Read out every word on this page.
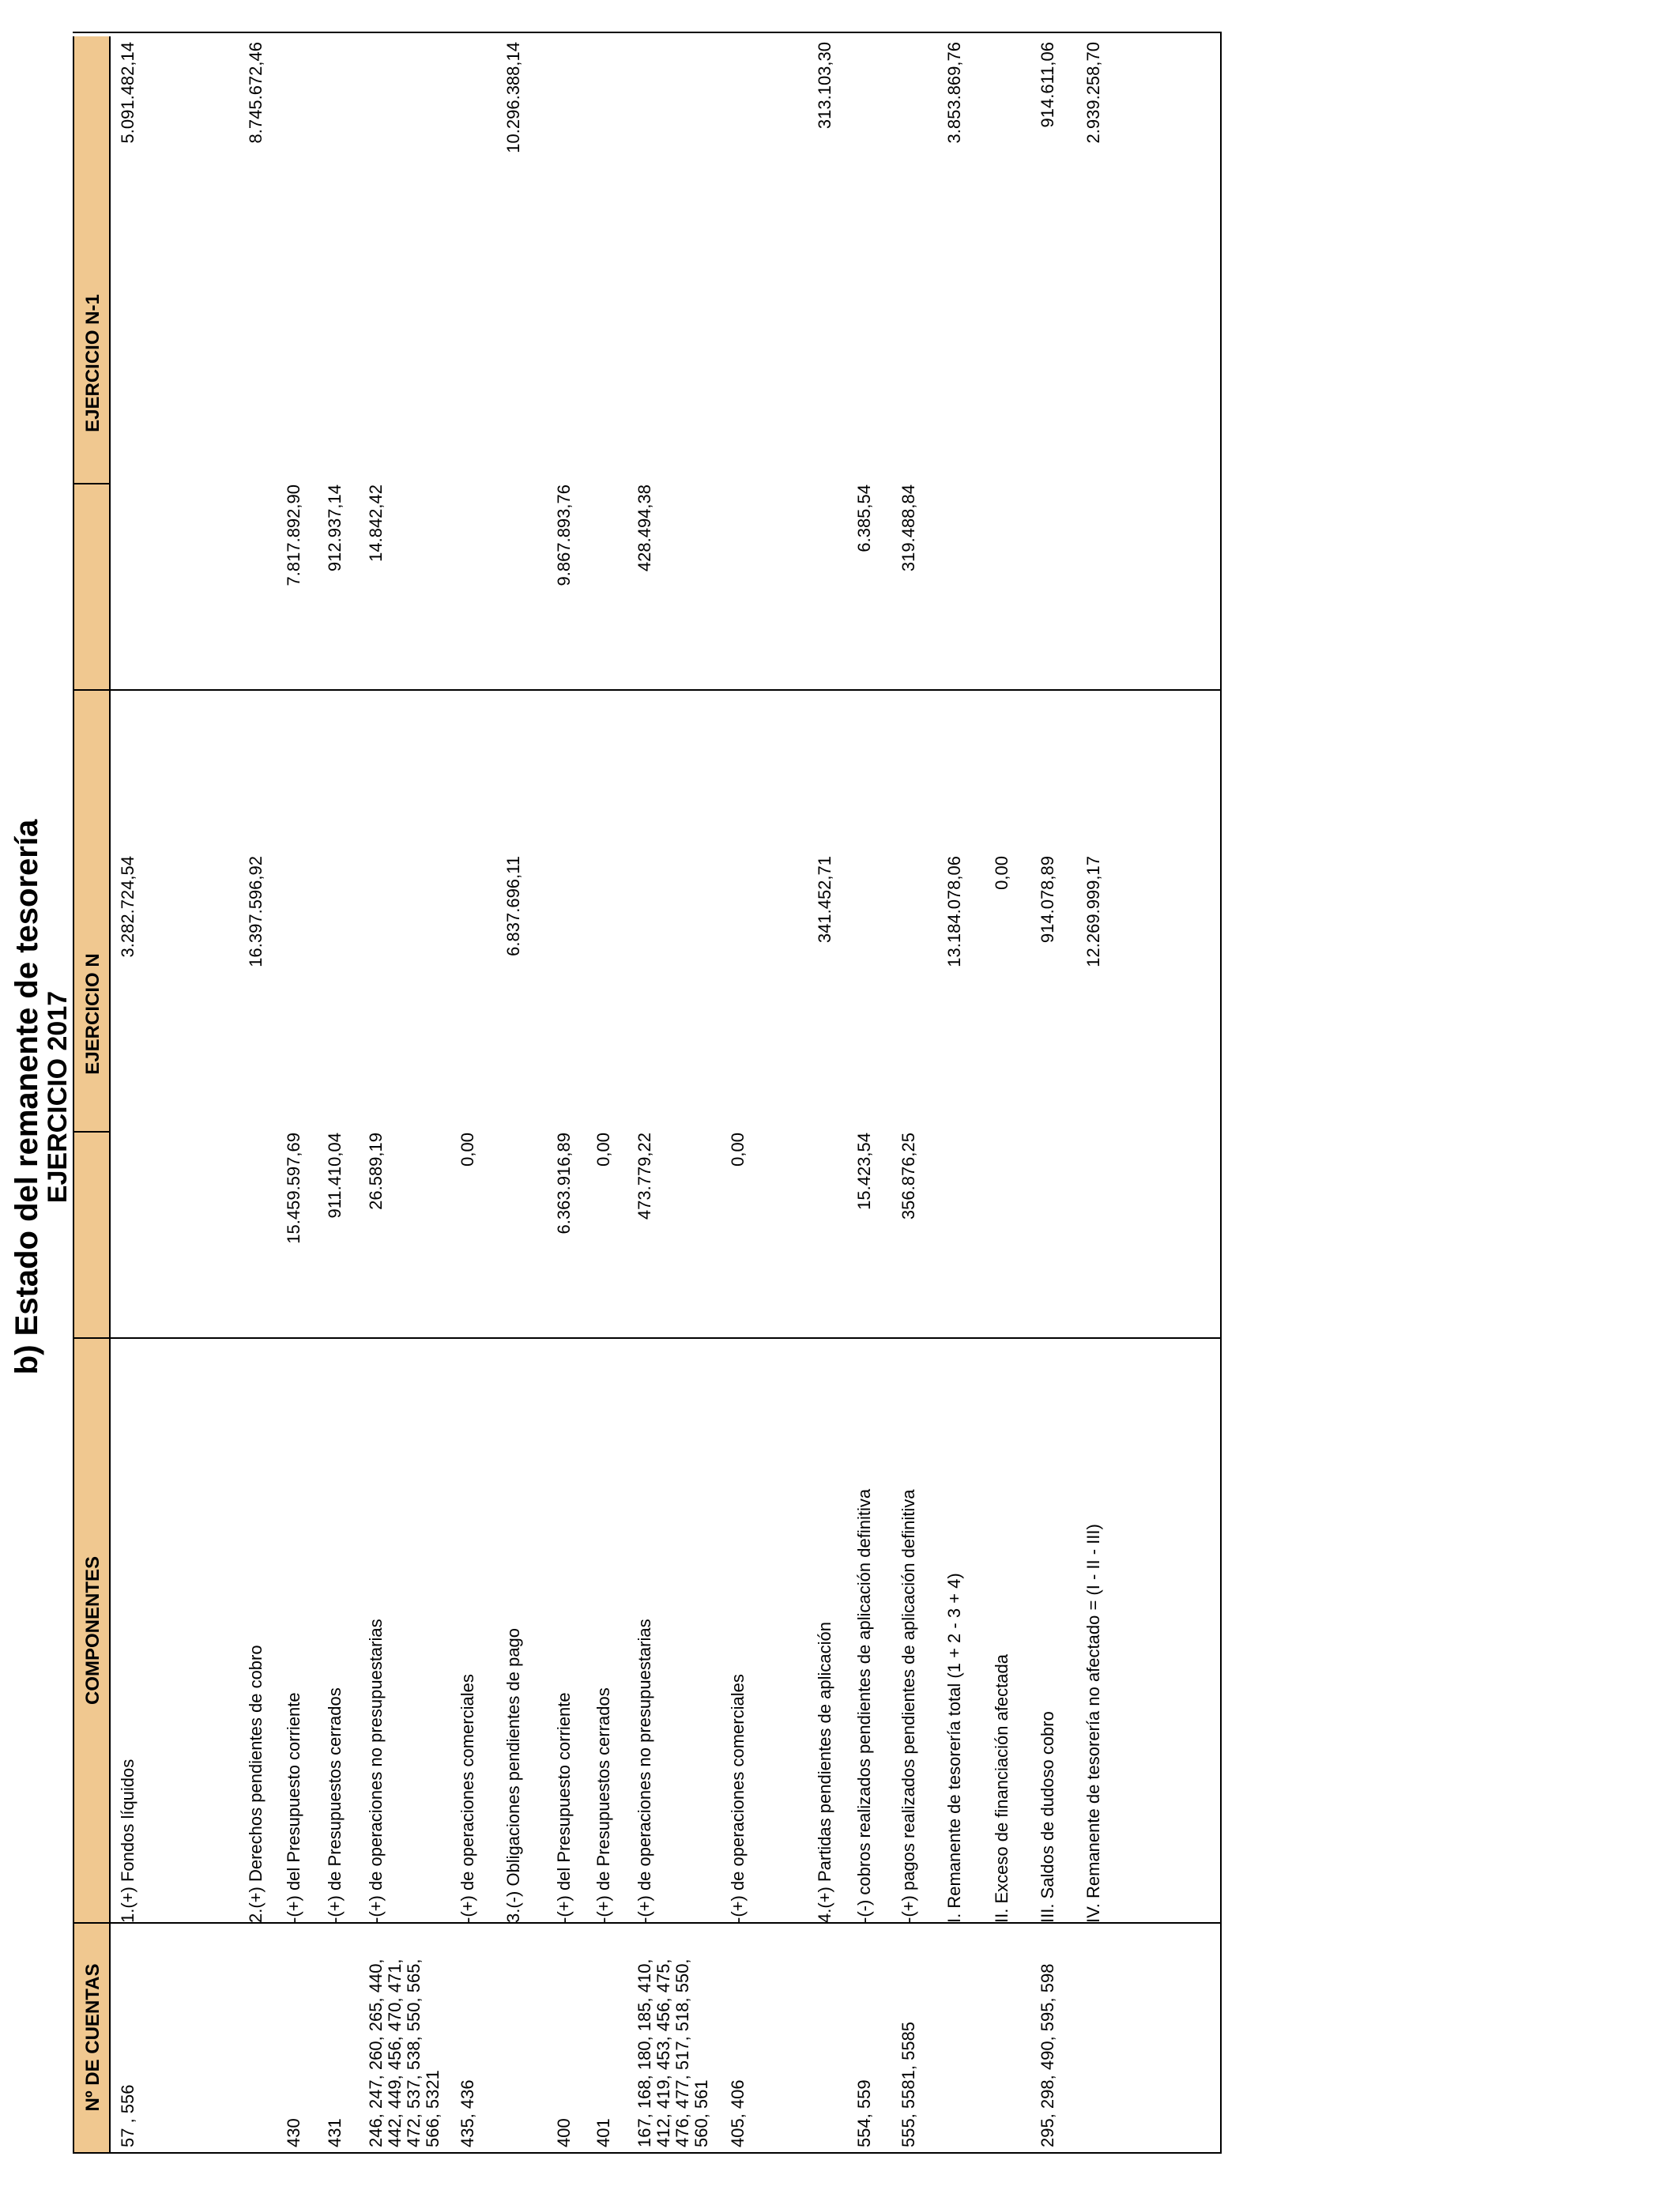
b) Estado del remanente de tesorería
EJERCICIO 2017
Nº DE CUENTAS
COMPONENTES
EJERCICIO N
EJERCICIO N-1
57 , 556
1.(+) Fondos líquidos
3.282.724,54
5.091.482,14
2.(+) Derechos pendientes de cobro
16.397.596,92
8.745.672,46
430
-(+) del Presupuesto corriente
15.459.597,69
7.817.892,90
431
-(+) de Presupuestos cerrados
911.410,04
912.937,14
246, 247, 260, 265, 440, 442, 449, 456, 470, 471, 472, 537, 538, 550, 565, 566, 5321
-(+) de operaciones no presupuestarias
26.589,19
14.842,42
435, 436
-(+) de operaciones comerciales
0,00
3.(-) Obligaciones pendientes de pago
6.837.696,11
10.296.388,14
400
-(+) del Presupuesto corriente
6.363.916,89
9.867.893,76
401
-(+) de Presupuestos cerrados
0,00
167, 168, 180, 185, 410, 412, 419, 453, 456, 475, 476, 477, 517, 518, 550, 560, 561
-(+) de operaciones no presupuestarias
473.779,22
428.494,38
405, 406
-(+) de operaciones comerciales
0,00
4.(+) Partidas pendientes de aplicación
341.452,71
313.103,30
554, 559
-(-) cobros realizados pendientes de aplicación definitiva
15.423,54
6.385,54
555, 5581, 5585
-(+) pagos realizados pendientes de aplicación definitiva
356.876,25
319.488,84
I. Remanente de tesorería total (1 + 2 - 3 + 4)
13.184.078,06
3.853.869,76
II. Exceso de financiación afectada
0,00
295, 298, 490, 595, 598
III. Saldos de dudoso cobro
914.078,89
914.611,06
IV. Remanente de tesorería no afectado = (I - II - III)
12.269.999,17
2.939.258,70
